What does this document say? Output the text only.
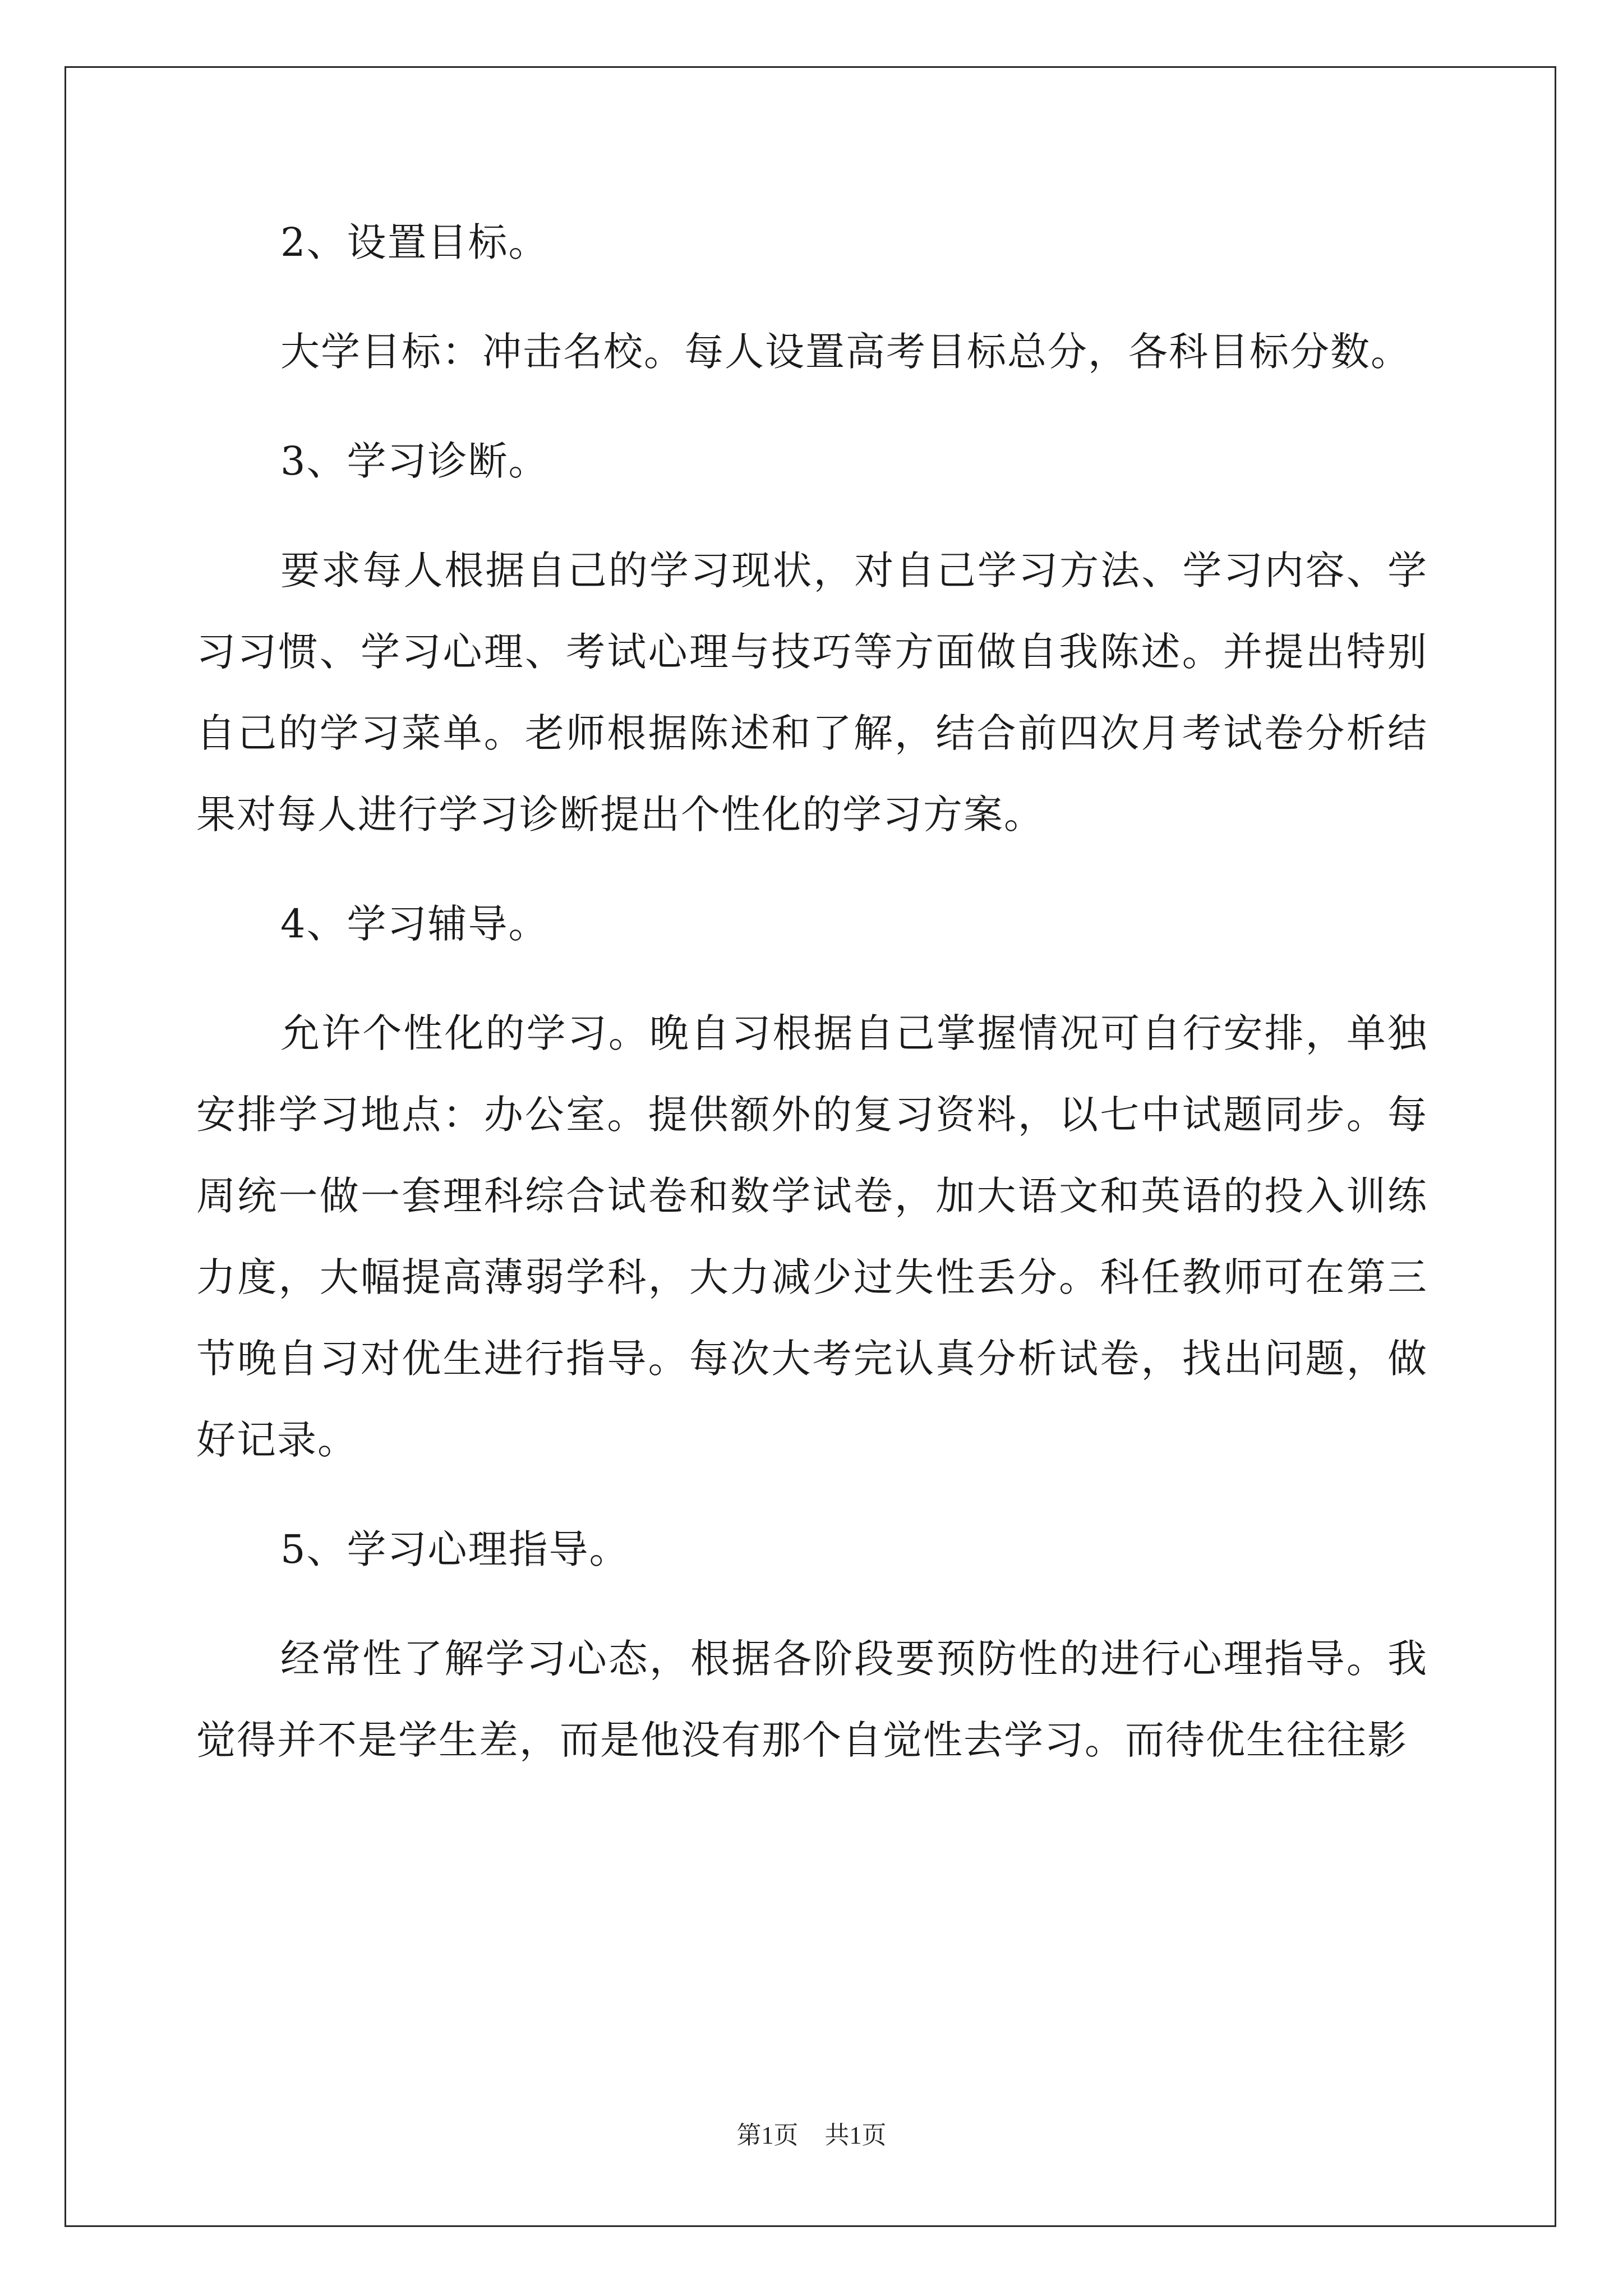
2、设置目标。

大学目标：冲击名校。每人设置高考目标总分，各科目标分数。

3、学习诊断。

要求每人根据自己的学习现状，对自己学习方法、学习内容、学习习惯、学习心理、考试心理与技巧等方面做自我陈述。并提出特别自己的学习菜单。老师根据陈述和了解，结合前四次月考试卷分析结果对每人进行学习诊断提出个性化的学习方案。

4、学习辅导。

允许个性化的学习。晚自习根据自己掌握情况可自行安排，单独安排学习地点：办公室。提供额外的复习资料，以七中试题同步。每周统一做一套理科综合试卷和数学试卷，加大语文和英语的投入训练力度，大幅提高薄弱学科，大力减少过失性丢分。科任教师可在第三节晚自习对优生进行指导。每次大考完认真分析试卷，找出问题，做好记录。

5、学习心理指导。

经常性了解学习心态，根据各阶段要预防性的进行心理指导。我觉得并不是学生差，而是他没有那个自觉性去学习。而待优生往往影

第1页 共1页
